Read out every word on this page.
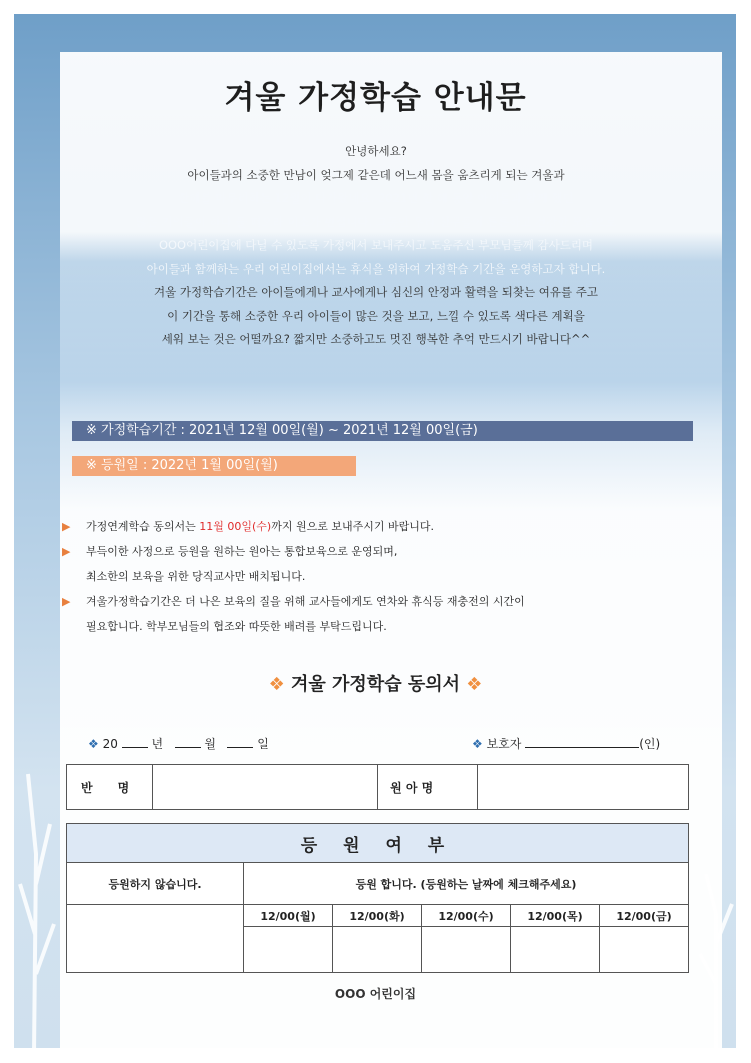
겨울 가정학습 안내문
안녕하세요?
아이들과의 소중한 만남이 엊그제 같은데 어느새 몸을 움츠리게 되는 겨울과
한해를 마무리하는 12월이 다가왔네요. 2021년 한 해 동안 아이들과 함께 했던
많은 기억들이 하나 둘 떠오라 미소가 번집니다. 그동안 우리 친구들이 튼튼하고 건강한 모습으로
OOO어린이집에 다닐 수 있도록 가정에서 보내주시고 도움주신 부모님들께 감사드리며
아이들과 함께하는 우리 어린이집에서는 휴식을 위하여 가정학습 기간을 운영하고자 합니다.
겨울 가정학습기간은 아이들에게나 교사에게나 심신의 안정과 활력을 되찾는 여유를 주고
이 기간을 통해 소중한 우리 아이들이 많은 것을 보고, 느낄 수 있도록 색다른 계획을
세워 보는 것은 어떨까요? 짧지만 소중하고도 멋진 행복한 추억 만드시기 바랍니다^^
※ 가정학습기간 : 2021년 12월 00일(월) ~ 2021년 12월 00일(금)
※ 등원일 : 2022년 1월 00일(월)
▶ 가정연계학습 동의서는 11월 00일(수)까지 원으로 보내주시기 바랍니다.
▶ 부득이한 사정으로 등원을 원하는 원아는 통합보육으로 운영되며,
최소한의 보육을 위한 당직교사만 배치됩니다.
▶ 겨울가정학습기간은 더 나은 보육의 질을 위해 교사들에게도 연차와 휴식등 재충전의 시간이
필요합니다. 학부모님들의 협조와 따뜻한 배려를 부탁드립니다.
❖ 겨울 가정학습 동의서 ❖
❖ 20	년	월	일	❖ 보호자	(인)
반      명		원 아 명	
등 원 여 부					
등원하지 않습니다.	등원 합니다. (등원하는 날짜에 체크해주세요)				
	12/00(월)	12/00(화)	12/00(수)	12/00(목)	12/00(금)

OOO 어린이집
